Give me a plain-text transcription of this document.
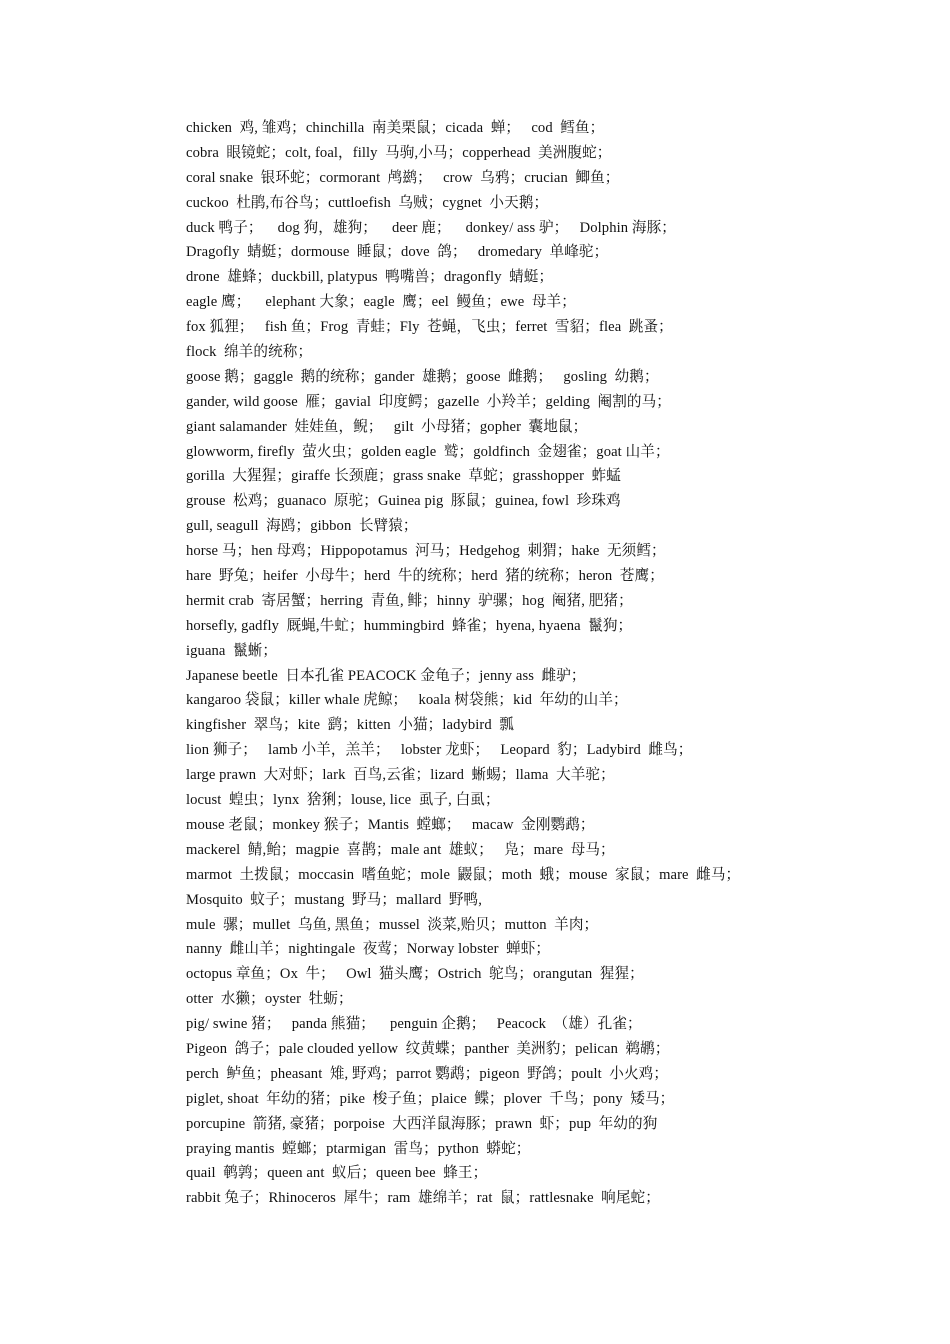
chicken  鸡, 雏鸡；chinchilla  南美栗鼠；cicada  蝉；   cod  鳕鱼；
cobra  眼镜蛇；colt, foal，filly  马驹,小马；copperhead  美洲腹蛇；
coral snake  银环蛇；cormorant  鸬鹚；   crow  乌鸦；crucian  鲫鱼；
cuckoo  杜鹃,布谷鸟；cuttloefish  乌贼；cygnet  小天鹅；
duck 鸭子；    dog 狗，雄狗；    deer 鹿；    donkey/ ass 驴；   Dolphin 海豚；
Dragofly  蜻蜓；dormouse  睡鼠；dove  鸽；   dromedary  单峰驼；
drone  雄蜂；duckbill, platypus  鸭嘴兽；dragonfly  蜻蜓；
eagle 鹰；    elephant 大象；eagle  鹰；eel  鳗鱼；ewe  母羊；
fox 狐狸；   fish 鱼；Frog  青蛙；Fly  苍蝇，飞虫；ferret  雪貂；flea  跳蚤；
flock  绵羊的统称；
goose 鹅；gaggle  鹅的统称；gander  雄鹅；goose  雌鹅；   gosling  幼鹅；
gander, wild goose  雁；gavial  印度鳄；gazelle  小羚羊；gelding  阉割的马；
giant salamander  娃娃鱼，鲵；   gilt  小母猪；gopher  囊地鼠；
glowworm, firefly  萤火虫；golden eagle  鹫；goldfinch  金翅雀；goat 山羊；
gorilla  大猩猩；giraffe 长颈鹿；grass snake  草蛇；grasshopper  蚱蜢
grouse  松鸡；guanaco  原驼；Guinea pig  豚鼠；guinea, fowl  珍珠鸡
gull, seagull  海鸥；gibbon  长臂猿；
horse 马；hen 母鸡；Hippopotamus  河马；Hedgehog  刺猬；hake  无须鳕；
hare  野兔；heifer  小母牛；herd  牛的统称；herd  猪的统称；heron  苍鹰；
hermit crab  寄居蟹；herring  青鱼, 鲱；hinny  驴骡；hog  阉猪, 肥猪；
horsefly, gadfly  厩蝇,牛虻；hummingbird  蜂雀；hyena, hyaena  鬣狗；
iguana  鬣蜥；
Japanese beetle  日本孔雀 PEACOCK 金龟子；jenny ass  雌驴；
kangaroo 袋鼠；killer whale 虎鲸；   koala 树袋熊；kid  年幼的山羊；
kingfisher  翠鸟；kite  鹞；kitten  小猫；ladybird  瓢
lion 狮子；   lamb 小羊，羔羊；   lobster 龙虾；   Leopard  豹；Ladybird  雌鸟；
large prawn  大对虾；lark  百鸟,云雀；lizard  蜥蜴；llama  大羊驼；
locust  蝗虫；lynx  猞猁；louse, lice  虱子, 白虱；
mouse 老鼠；monkey 猴子；Mantis  螳螂；   macaw  金刚鹦鹉；
mackerel  鲭,鲐；magpie  喜鹊；male ant  雄蚁；   凫；mare  母马；
marmot  土拨鼠；moccasin  嗜鱼蛇；mole  鼹鼠；moth  蛾；mouse  家鼠；mare  雌马；
Mosquito  蚊子；mustang  野马；mallard  野鸭,
mule  骡；mullet  乌鱼, 黑鱼；mussel  淡菜,贻贝；mutton  羊肉；
nanny  雌山羊；nightingale  夜莺；Norway lobster  蝉虾；
octopus 章鱼；Ox  牛；   Owl  猫头鹰；Ostrich  鸵鸟；orangutan  猩猩；
otter  水獭；oyster  牡蛎；
pig/ swine 猪；   panda 熊猫；    penguin 企鹅；   Peacock  （雄）孔雀；
Pigeon  鸽子；pale clouded yellow  纹黄蝶；panther  美洲豹；pelican  鹈鹕；
perch  鲈鱼；pheasant  雉, 野鸡；parrot 鹦鹉；pigeon  野鸽；poult  小火鸡；
piglet, shoat  年幼的猪；pike  梭子鱼；plaice  鲽；plover  千鸟；pony  矮马；
porcupine  箭猪, 豪猪；porpoise  大西洋鼠海豚；prawn  虾；pup  年幼的狗
praying mantis  螳螂；ptarmigan  雷鸟；python  蟒蛇；
quail  鹌鹑；queen ant  蚁后；queen bee  蜂王；
rabbit 兔子；Rhinoceros  犀牛；ram  雄绵羊；rat  鼠；rattlesnake  响尾蛇；
